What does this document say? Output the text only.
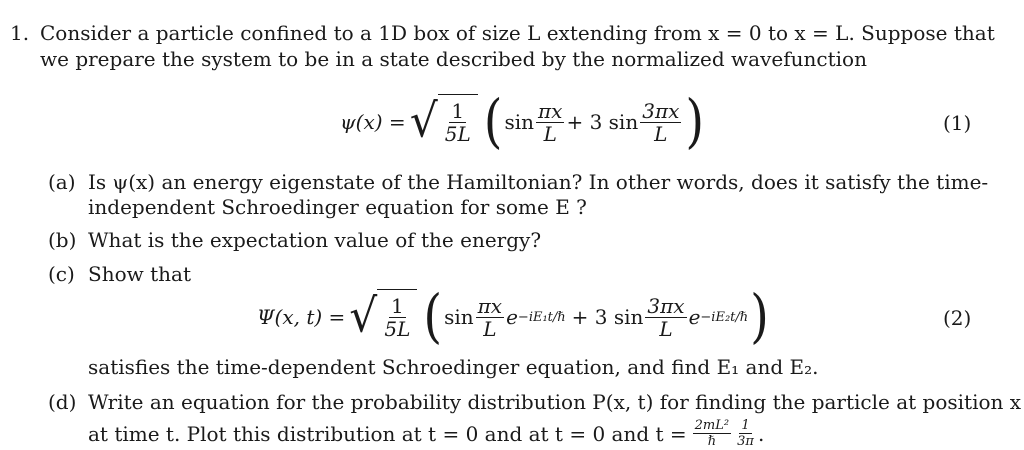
1. Consider a particle confined to a 1D box of size L extending from x = 0 to x = L. Suppose that
we prepare the system to be in a state described by the normalized wavefunction
ψ(x) = √ $\frac{1}{5L}$ ( $\sin \frac{\pi x}{L} + 3$ $\sin \frac{3\pi x}{L}$ )	(1)
(a) Is ψ(x) an energy eigenstate of the Hamiltonian? In other words, does it satisfy the time-
independent Schroedinger equation for some E ?
(b) What is the expectation value of the energy?
(c) Show that
Ψ(x, t) = √ $\frac{1}{5L}$ ( $\sin \frac{\pi x}{L}$ e −iE₁t/ℏ + 3 $\sin \frac{3\pi x}{L}$ e −iE₂t/ℏ )	(2)
satisfies the time-dependent Schroedinger equation, and find E₁ and E₂.
(d) Write an equation for the probability distribution P(x, t) for finding the particle at position x
at time t. Plot this distribution at t = 0 and at t = 0 and $t = \frac{\text{2mL²}}{\text{ℏ}} \frac{1}{3\pi}$ .
